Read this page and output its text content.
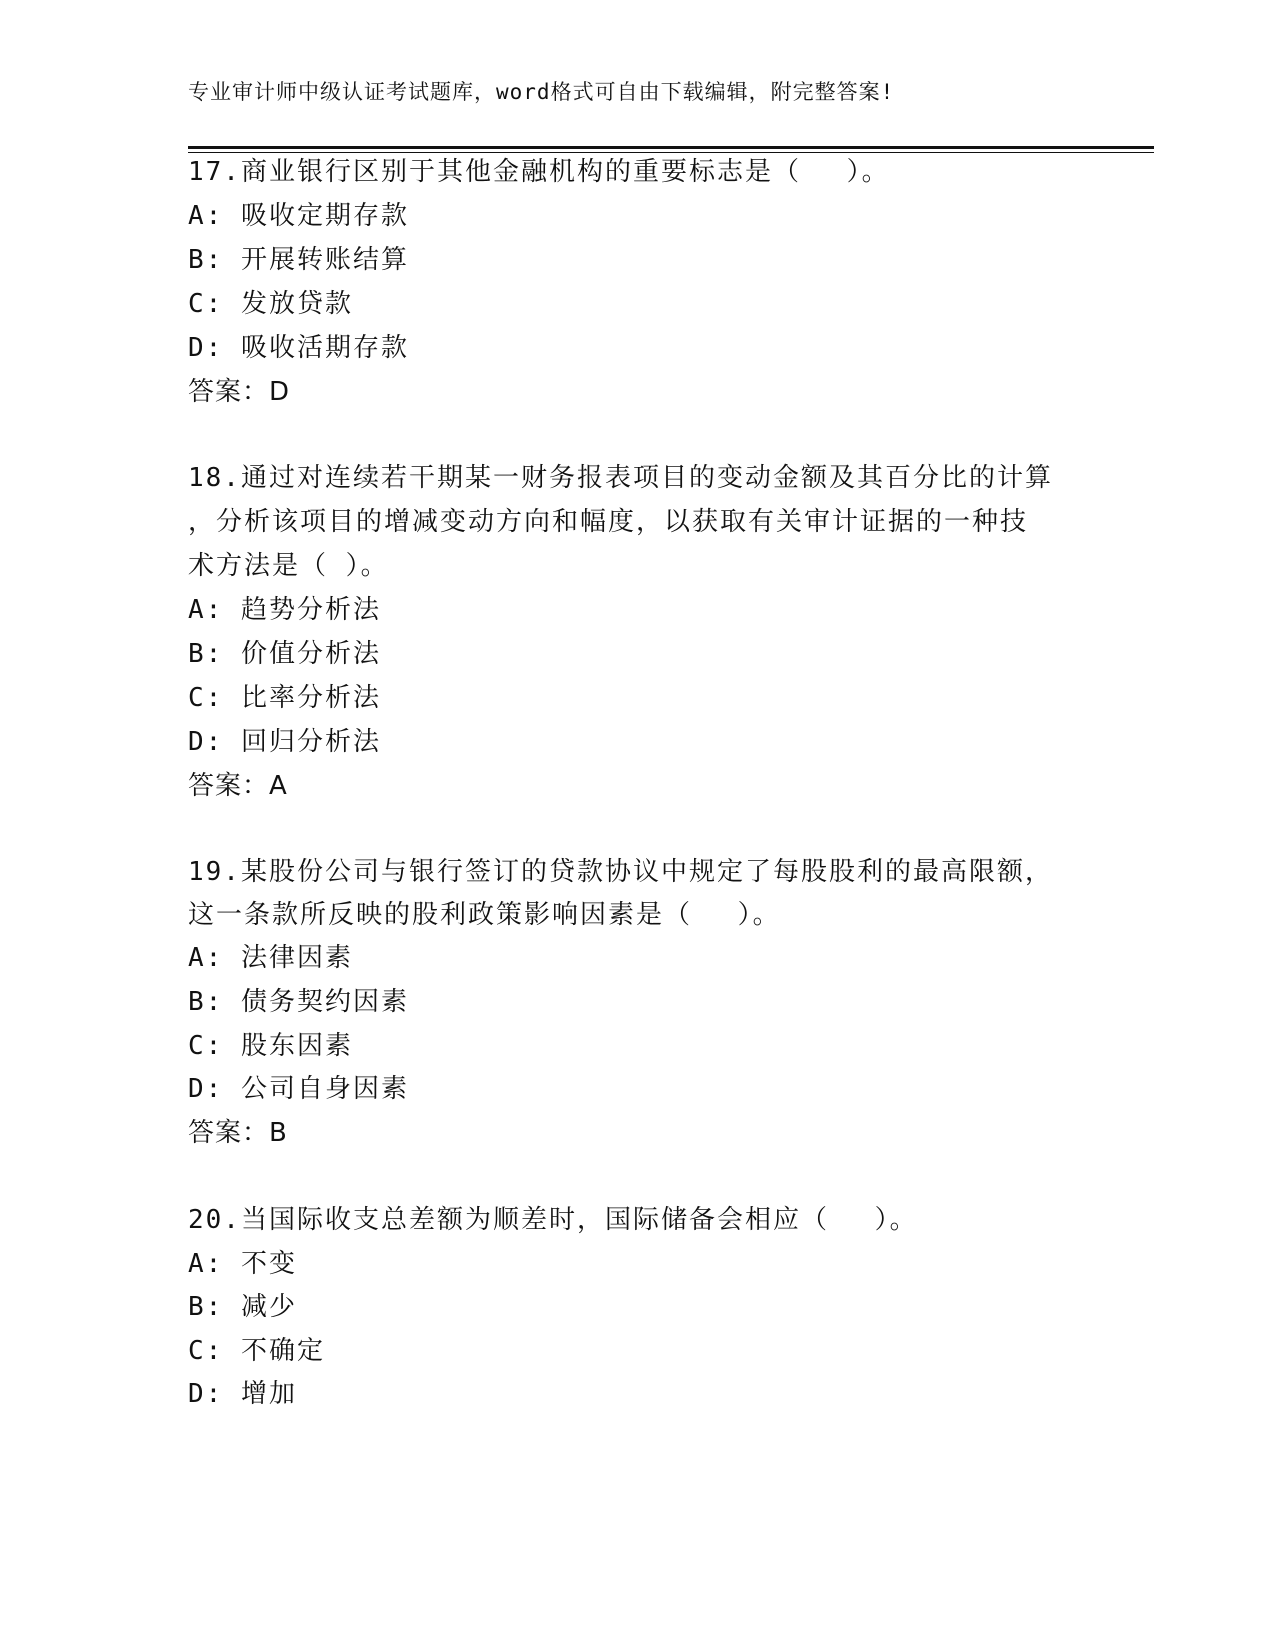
专业审计师中级认证考试题库，word格式可自由下载编辑，附完整答案!
17.商业银行区别于其他金融机构的重要标志是（　 ）。
A: 吸收定期存款
B: 开展转账结算
C: 发放贷款
D: 吸收活期存款
答案：D
18.通过对连续若干期某一财务报表项目的变动金额及其百分比的计算
，分析该项目的增减变动方向和幅度，以获取有关审计证据的一种技
术方法是（ ）。
A: 趋势分析法
B: 价值分析法
C: 比率分析法
D: 回归分析法
答案：A
19.某股份公司与银行签订的贷款协议中规定了每股股利的最高限额，
这一条款所反映的股利政策影响因素是（　 ）。
A: 法律因素
B: 债务契约因素
C: 股东因素
D: 公司自身因素
答案：B
20.当国际收支总差额为顺差时，国际储备会相应（　 ）。
A: 不变
B: 减少
C: 不确定
D: 增加
